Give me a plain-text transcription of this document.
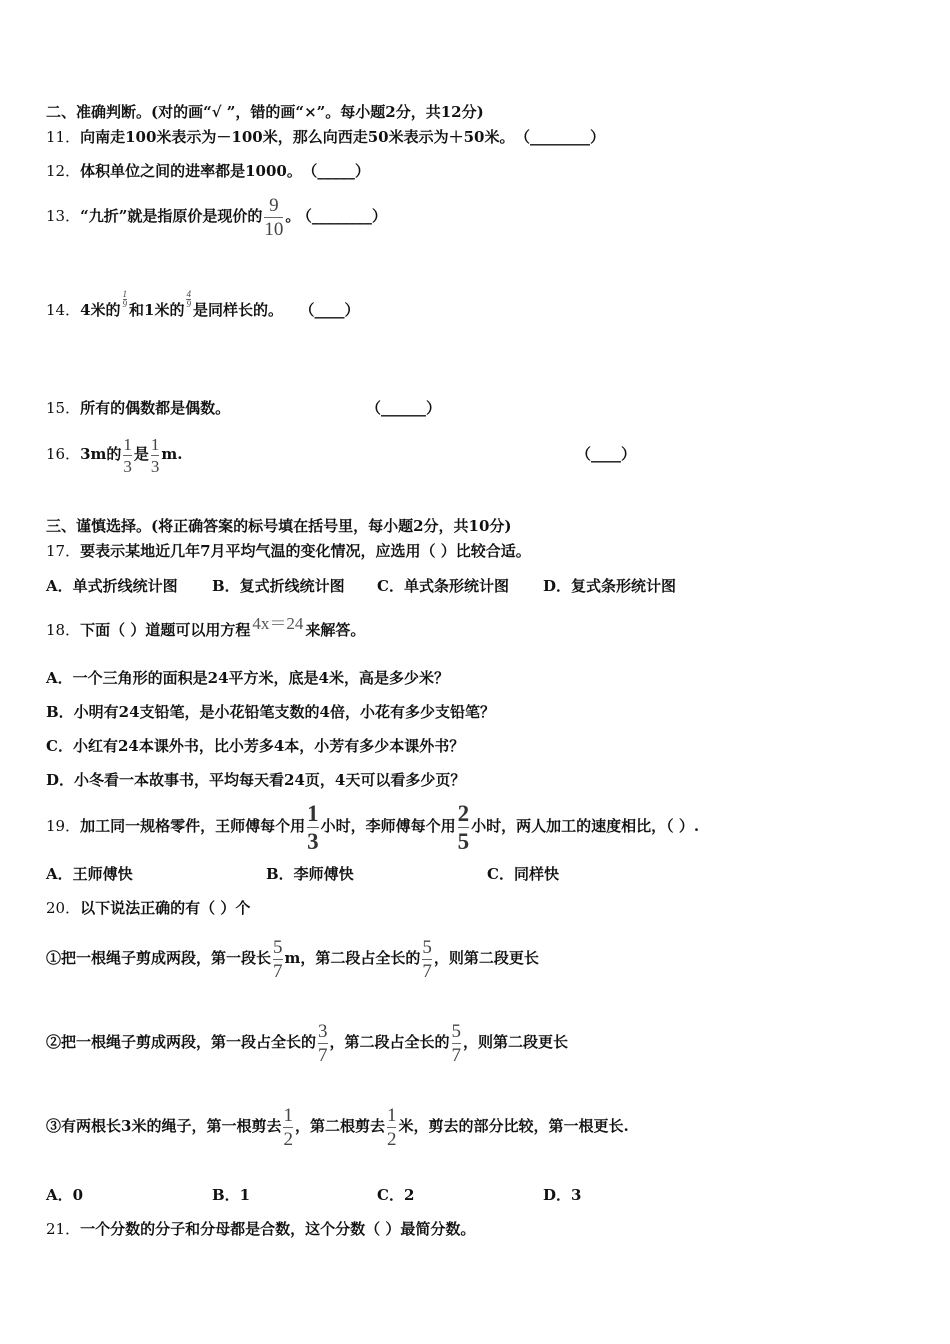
二、准确判断。(对的画“√ ”，错的画“×”。每小题2分，共12分)
11．向南走100米表示为－100米，那么向西走50米表示为＋50米。 （________）
12．体积单位之间的进率都是1000。 （_____）
13．“九折”就是指原价是现价的 $\frac{9}{10}$ 。 （________）
14．4米的
$\frac{1}{9}$
和1米的
$\frac{4}{9}$
是同样长的。 （____）
15．所有的偶数都是偶数。	（______）
16．3m的 $\frac{1}{3}$ 是 $\frac{1}{3} m$.	（____）
三、谨慎选择。(将正确答案的标号填在括号里，每小题2分，共10分)
17．要表示某地近几年7月平均气温的变化情况，应选用（ ）比较合适。
A．单式折线统计图 B．复式折线统计图 C．单式条形统计图 D．复式条形统计图
18．下面（ ）道题可以用方程 4x＝24 来解答。
A．一个三角形的面积是24平方米，底是4米，高是多少米？
B．小明有24支铅笔，是小花铅笔支数的4倍，小花有多少支铅笔？
C．小红有24本课外书，比小芳多4本，小芳有多少本课外书？
D．小冬看一本故事书，平均每天看24页，4天可以看多少页？
19．加工同一规格零件，王师傅每个用 $\frac{1}{3}$ 小时，李师傅每个用 $\frac{2}{5}$ 小时，两人加工的速度相比，（ ）.
A．王师傅快	B．李师傅快	C．同样快
20．以下说法正确的有（ ）个
①把一根绳子剪成两段，第一段长 $\frac{5}{7}$ m，第二段占全长的 $\frac{5}{7}$ ，则第二段更长
②把一根绳子剪成两段，第一段占全长的 $\frac{3}{7}$ ，第二段占全长的 $\frac{5}{7}$ ，则第二段更长
③有两根长3米的绳子，第一根剪去 $\frac{1}{2}$ ，第二根剪去 $\frac{1}{2}$ 米，剪去的部分比较，第一根更长.
A．0	B．1	C．2	D．3
21．一个分数的分子和分母都是合数，这个分数（ ）最简分数。
